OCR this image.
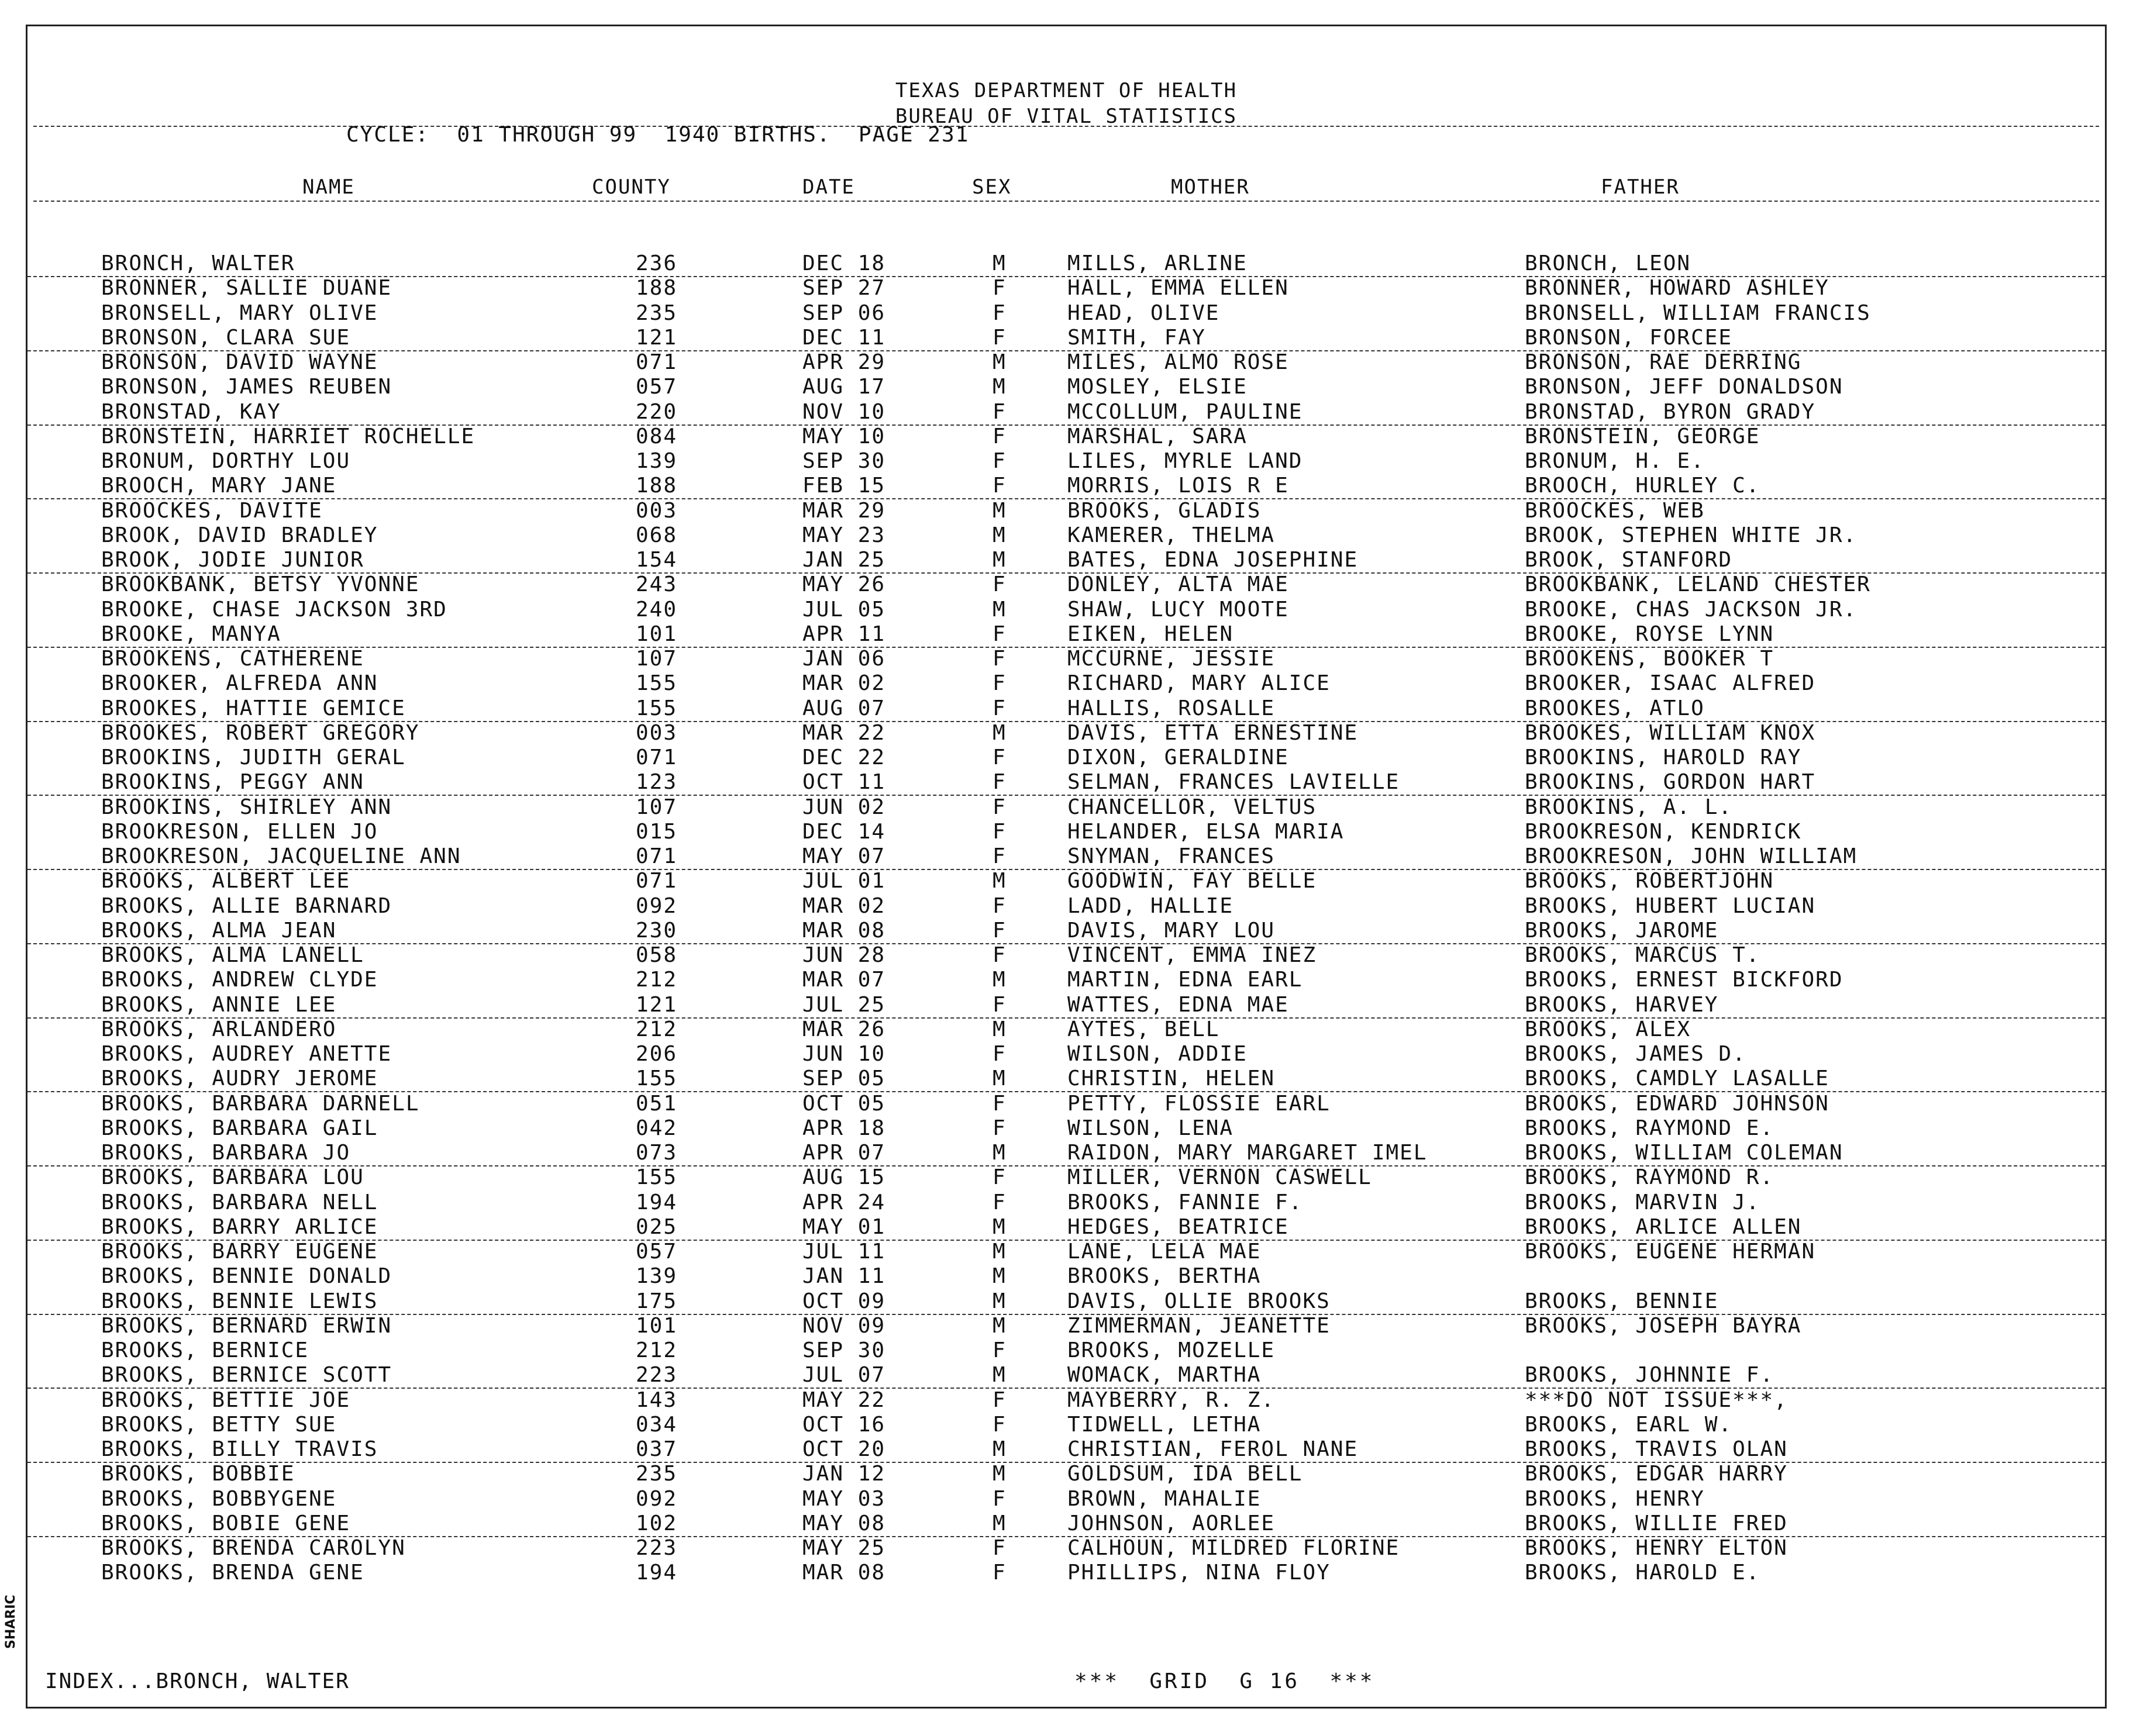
SHARIC
TEXAS DEPARTMENT OF HEALTH
BUREAU OF VITAL STATISTICS
CYCLE:  01 THROUGH 99  1940 BIRTHS.  PAGE 231
NAME	COUNTY	DATE	SEX	MOTHER	FATHER
BRONCH, WALTER	236	DEC 18	M	MILLS, ARLINE	BRONCH, LEON
BRONNER, SALLIE DUANE	188	SEP 27	F	HALL, EMMA ELLEN	BRONNER, HOWARD ASHLEY
BRONSELL, MARY OLIVE	235	SEP 06	F	HEAD, OLIVE	BRONSELL, WILLIAM FRANCIS
BRONSON, CLARA SUE	121	DEC 11	F	SMITH, FAY	BRONSON, FORCEE
BRONSON, DAVID WAYNE	071	APR 29	M	MILES, ALMO ROSE	BRONSON, RAE DERRING
BRONSON, JAMES REUBEN	057	AUG 17	M	MOSLEY, ELSIE	BRONSON, JEFF DONALDSON
BRONSTAD, KAY	220	NOV 10	F	MCCOLLUM, PAULINE	BRONSTAD, BYRON GRADY
BRONSTEIN, HARRIET ROCHELLE	084	MAY 10	F	MARSHAL, SARA	BRONSTEIN, GEORGE
BRONUM, DORTHY LOU	139	SEP 30	F	LILES, MYRLE LAND	BRONUM, H. E.
BROOCH, MARY JANE	188	FEB 15	F	MORRIS, LOIS R E	BROOCH, HURLEY C.
BROOCKES, DAVITE	003	MAR 29	M	BROOKS, GLADIS	BROOCKES, WEB
BROOK, DAVID BRADLEY	068	MAY 23	M	KAMERER, THELMA	BROOK, STEPHEN WHITE JR.
BROOK, JODIE JUNIOR	154	JAN 25	M	BATES, EDNA JOSEPHINE	BROOK, STANFORD
BROOKBANK, BETSY YVONNE	243	MAY 26	F	DONLEY, ALTA MAE	BROOKBANK, LELAND CHESTER
BROOKE, CHASE JACKSON 3RD	240	JUL 05	M	SHAW, LUCY MOOTE	BROOKE, CHAS JACKSON JR.
BROOKE, MANYA	101	APR 11	F	EIKEN, HELEN	BROOKE, ROYSE LYNN
BROOKENS, CATHERENE	107	JAN 06	F	MCCURNE, JESSIE	BROOKENS, BOOKER T
BROOKER, ALFREDA ANN	155	MAR 02	F	RICHARD, MARY ALICE	BROOKER, ISAAC ALFRED
BROOKES, HATTIE GEMICE	155	AUG 07	F	HALLIS, ROSALLE	BROOKES, ATLO
BROOKES, ROBERT GREGORY	003	MAR 22	M	DAVIS, ETTA ERNESTINE	BROOKES, WILLIAM KNOX
BROOKINS, JUDITH GERAL	071	DEC 22	F	DIXON, GERALDINE	BROOKINS, HAROLD RAY
BROOKINS, PEGGY ANN	123	OCT 11	F	SELMAN, FRANCES LAVIELLE	BROOKINS, GORDON HART
BROOKINS, SHIRLEY ANN	107	JUN 02	F	CHANCELLOR, VELTUS	BROOKINS, A. L.
BROOKRESON, ELLEN JO	015	DEC 14	F	HELANDER, ELSA MARIA	BROOKRESON, KENDRICK
BROOKRESON, JACQUELINE ANN	071	MAY 07	F	SNYMAN, FRANCES	BROOKRESON, JOHN WILLIAM
BROOKS, ALBERT LEE	071	JUL 01	M	GOODWIN, FAY BELLE	BROOKS, ROBERTJOHN
BROOKS, ALLIE BARNARD	092	MAR 02	F	LADD, HALLIE	BROOKS, HUBERT LUCIAN
BROOKS, ALMA JEAN	230	MAR 08	F	DAVIS, MARY LOU	BROOKS, JAROME
BROOKS, ALMA LANELL	058	JUN 28	F	VINCENT, EMMA INEZ	BROOKS, MARCUS T.
BROOKS, ANDREW CLYDE	212	MAR 07	M	MARTIN, EDNA EARL	BROOKS, ERNEST BICKFORD
BROOKS, ANNIE LEE	121	JUL 25	F	WATTES, EDNA MAE	BROOKS, HARVEY
BROOKS, ARLANDERO	212	MAR 26	M	AYTES, BELL	BROOKS, ALEX
BROOKS, AUDREY ANETTE	206	JUN 10	F	WILSON, ADDIE	BROOKS, JAMES D.
BROOKS, AUDRY JEROME	155	SEP 05	M	CHRISTIN, HELEN	BROOKS, CAMDLY LASALLE
BROOKS, BARBARA DARNELL	051	OCT 05	F	PETTY, FLOSSIE EARL	BROOKS, EDWARD JOHNSON
BROOKS, BARBARA GAIL	042	APR 18	F	WILSON, LENA	BROOKS, RAYMOND E.
BROOKS, BARBARA JO	073	APR 07	M	RAIDON, MARY MARGARET IMEL	BROOKS, WILLIAM COLEMAN
BROOKS, BARBARA LOU	155	AUG 15	F	MILLER, VERNON CASWELL	BROOKS, RAYMOND R.
BROOKS, BARBARA NELL	194	APR 24	F	BROOKS, FANNIE F.	BROOKS, MARVIN J.
BROOKS, BARRY ARLICE	025	MAY 01	M	HEDGES, BEATRICE	BROOKS, ARLICE ALLEN
BROOKS, BARRY EUGENE	057	JUL 11	M	LANE, LELA MAE	BROOKS, EUGENE HERMAN
BROOKS, BENNIE DONALD	139	JAN 11	M	BROOKS, BERTHA
BROOKS, BENNIE LEWIS	175	OCT 09	M	DAVIS, OLLIE BROOKS	BROOKS, BENNIE
BROOKS, BERNARD ERWIN	101	NOV 09	M	ZIMMERMAN, JEANETTE	BROOKS, JOSEPH BAYRA
BROOKS, BERNICE	212	SEP 30	F	BROOKS, MOZELLE
BROOKS, BERNICE SCOTT	223	JUL 07	M	WOMACK, MARTHA	BROOKS, JOHNNIE F.
BROOKS, BETTIE JOE	143	MAY 22	F	MAYBERRY, R. Z.	***DO NOT ISSUE***,
BROOKS, BETTY SUE	034	OCT 16	F	TIDWELL, LETHA	BROOKS, EARL W.
BROOKS, BILLY TRAVIS	037	OCT 20	M	CHRISTIAN, FEROL NANE	BROOKS, TRAVIS OLAN
BROOKS, BOBBIE	235	JAN 12	M	GOLDSUM, IDA BELL	BROOKS, EDGAR HARRY
BROOKS, BOBBYGENE	092	MAY 03	F	BROWN, MAHALIE	BROOKS, HENRY
BROOKS, BOBIE GENE	102	MAY 08	M	JOHNSON, AORLEE	BROOKS, WILLIE FRED
BROOKS, BRENDA CAROLYN	223	MAY 25	F	CALHOUN, MILDRED FLORINE	BROOKS, HENRY ELTON
BROOKS, BRENDA GENE	194	MAR 08	F	PHILLIPS, NINA FLOY	BROOKS, HAROLD E.
INDEX...BRONCH, WALTER	***  GRID  G 16  ***
